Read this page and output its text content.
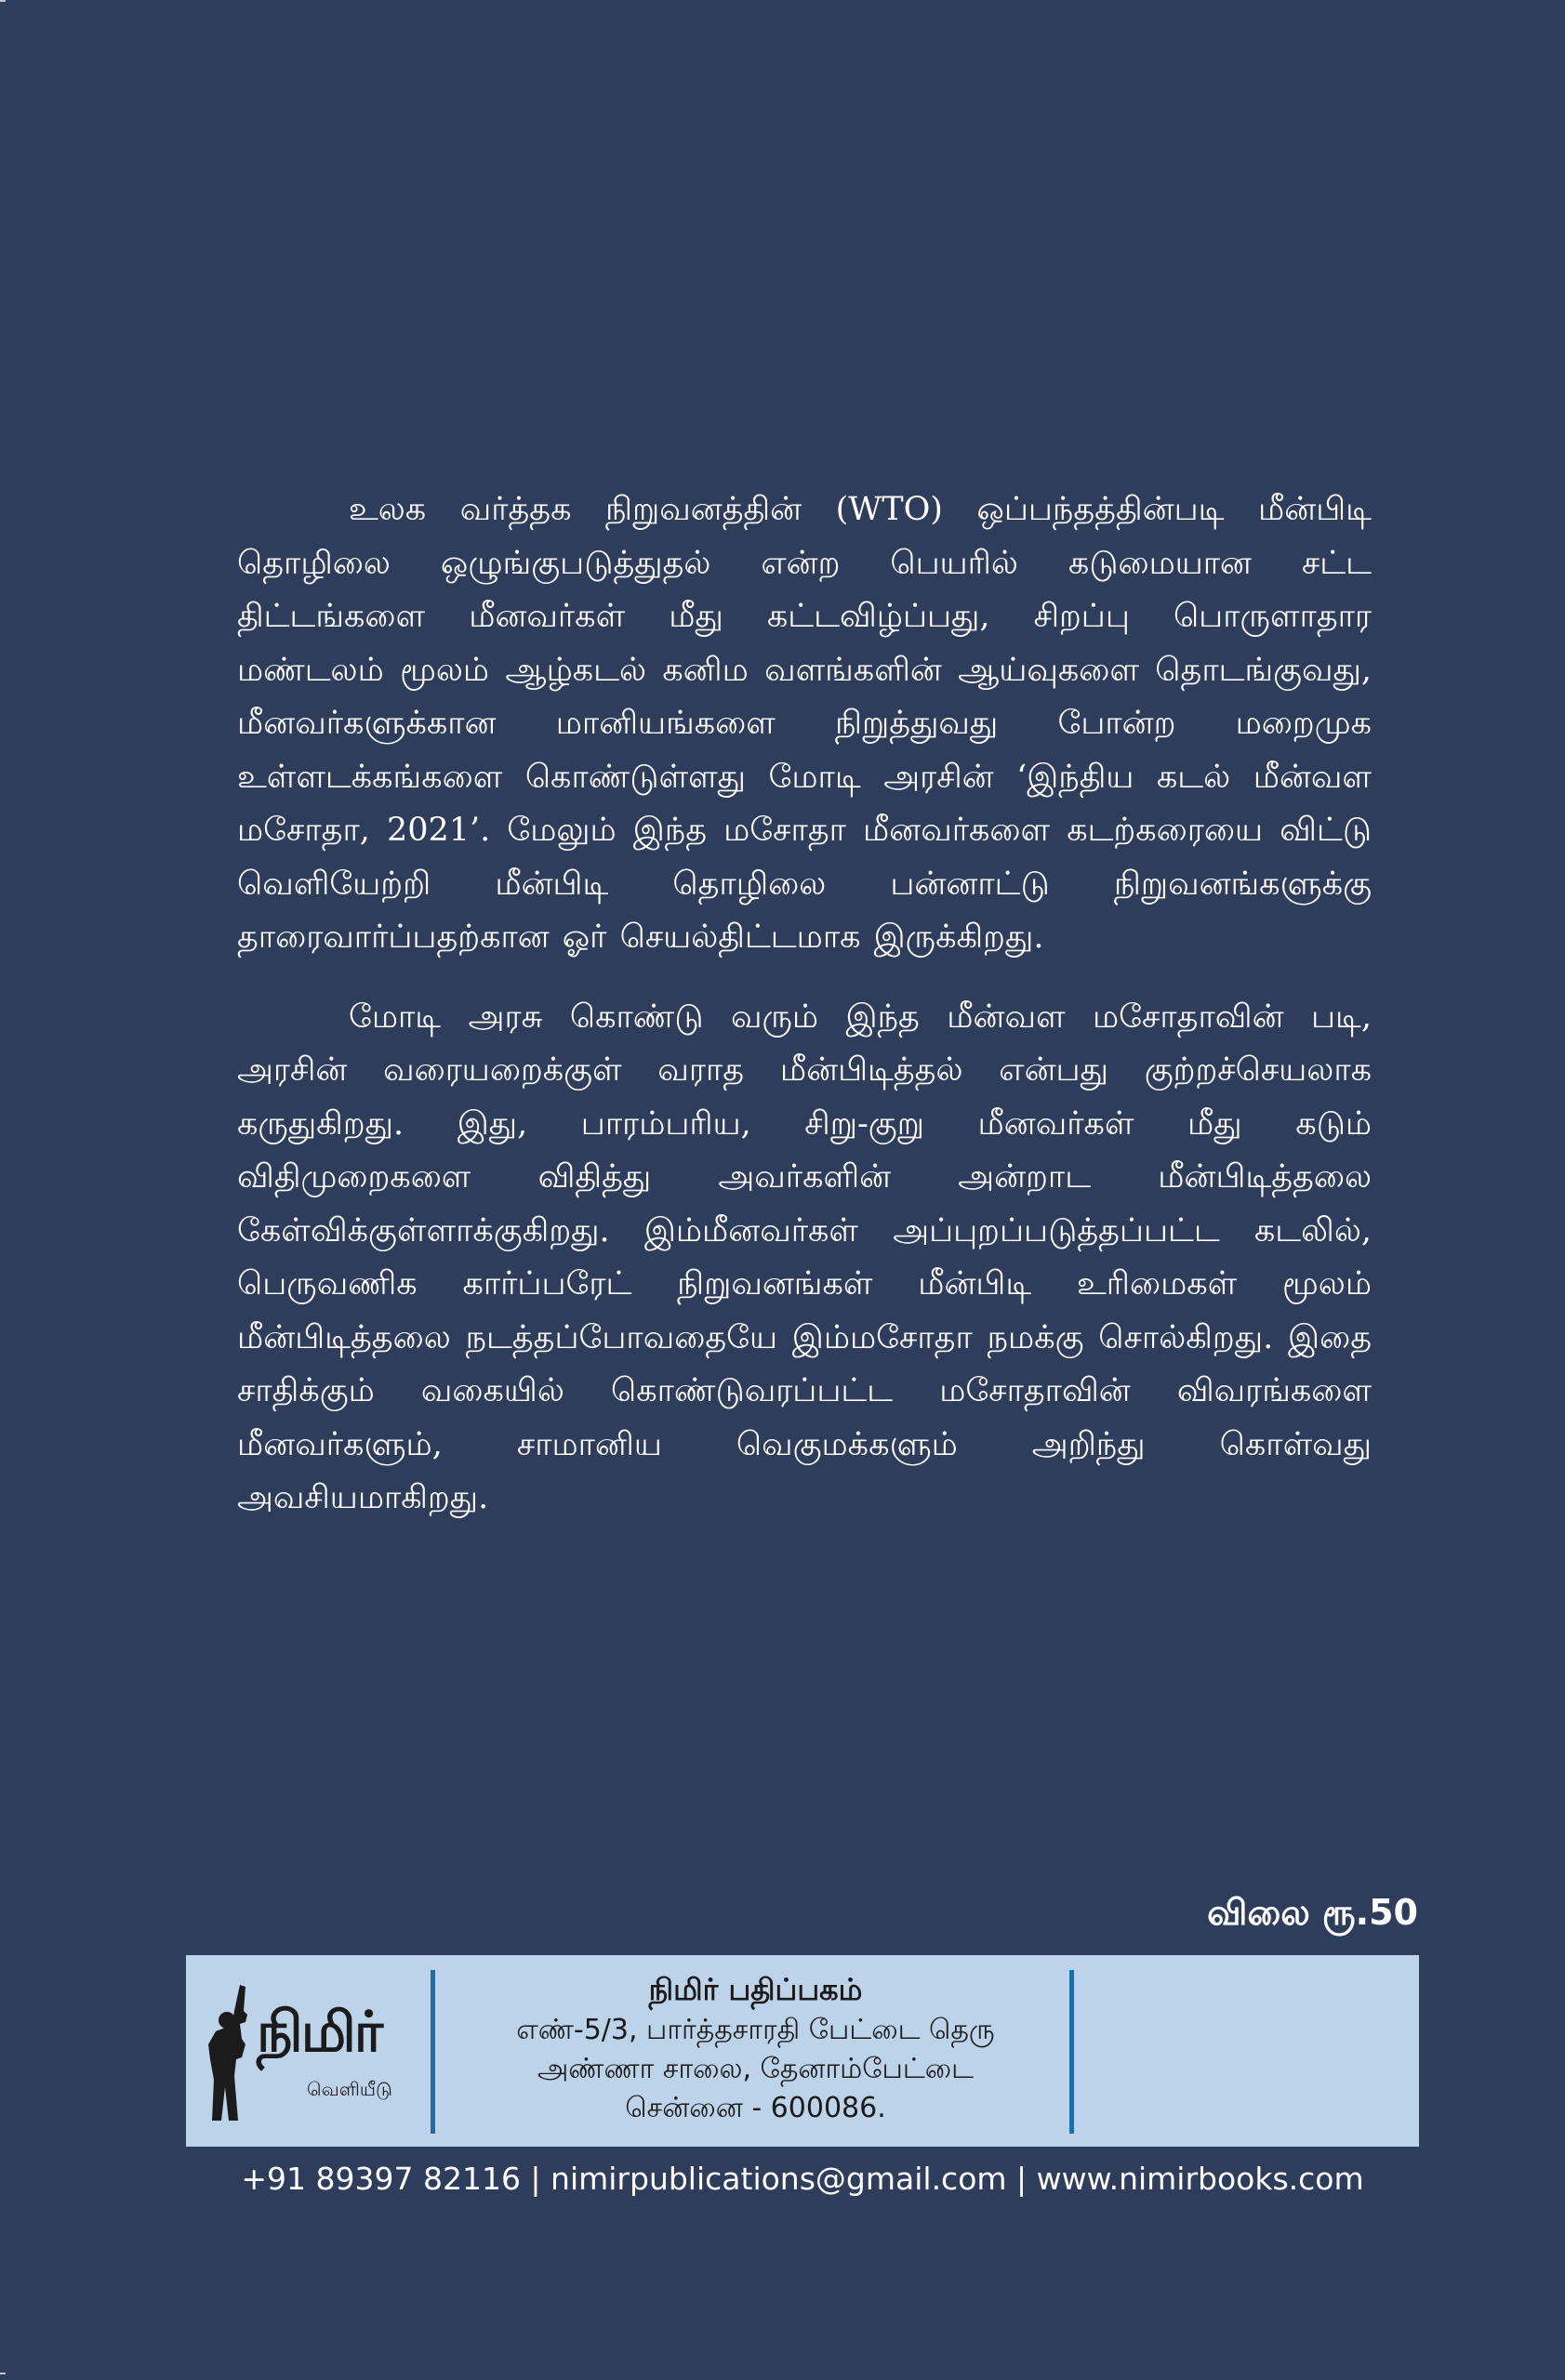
உலக வர்த்தக நிறுவனத்தின் (WTO) ஒப்பந்தத்தின்படி மீன்பிடி தொழிலை ஒழுங்குபடுத்துதல் என்ற பெயரில் கடுமையான சட்ட திட்டங்களை மீனவர்கள் மீது கட்டவிழ்ப்பது, சிறப்பு பொருளாதார மண்டலம் மூலம் ஆழ்கடல் கனிம வளங்களின் ஆய்வுகளை தொடங்குவது, மீனவர்களுக்கான மானியங்களை நிறுத்துவது போன்ற மறைமுக உள்ளடக்கங்களை கொண்டுள்ளது மோடி அரசின் ‘இந்திய கடல் மீன்வள மசோதா, 2021’. மேலும் இந்த மசோதா மீனவர்களை கடற்கரையை விட்டு வெளியேற்றி மீன்பிடி தொழிலை பன்னாட்டு நிறுவனங்களுக்கு தாரைவார்ப்பதற்கான ஓர் செயல்திட்டமாக இருக்கிறது.

மோடி அரசு கொண்டு வரும் இந்த மீன்வள மசோதாவின் படி, அரசின் வரையறைக்குள் வராத மீன்பிடித்தல் என்பது குற்றச்செயலாக கருதுகிறது. இது, பாரம்பரிய, சிறு-குறு மீனவர்கள் மீது கடும் விதிமுறைகளை விதித்து அவர்களின் அன்றாட மீன்பிடித்தலை கேள்விக்குள்ளாக்குகிறது. இம்மீனவர்கள் அப்புறப்படுத்தப்பட்ட கடலில், பெருவணிக கார்ப்பரேட் நிறுவனங்கள் மீன்பிடி உரிமைகள் மூலம் மீன்பிடித்தலை நடத்தப்போவதையே இம்மசோதா நமக்கு சொல்கிறது. இதை சாதிக்கும் வகையில் கொண்டுவரப்பட்ட மசோதாவின் விவரங்களை மீனவர்களும், சாமானிய வெகுமக்களும் அறிந்து கொள்வது அவசியமாகிறது.

விலை ரூ.50
நிமிர்
வெளியீடு
நிமிர் பதிப்பகம்
எண்-5/3, பார்த்தசாரதி பேட்டை தெரு
அண்ணா சாலை, தேனாம்பேட்டை
சென்னை - 600086.
+91 89397 82116 | nimirpublications@gmail.com | www.nimirbooks.com
